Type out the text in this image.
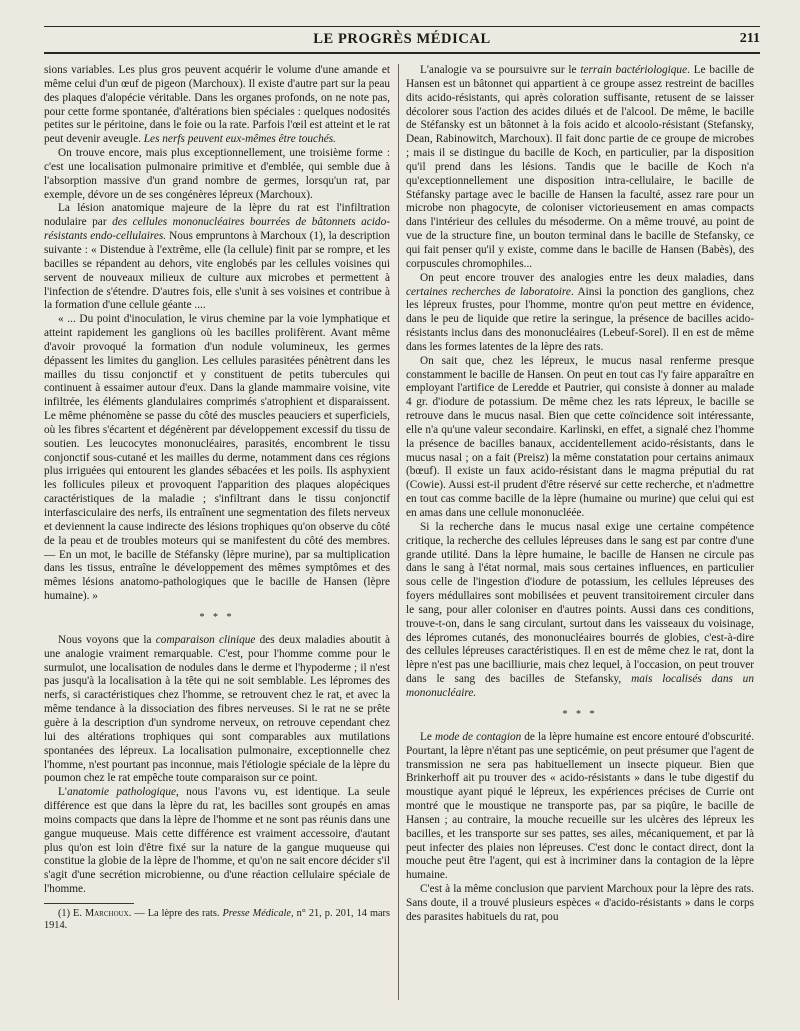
LE PROGRÈS MÉDICAL	211

sions variables. Les plus gros peuvent acquérir le volume d'une amande et même celui d'un œuf de pigeon (Marchoux). Il existe d'autre part sur la peau des plaques d'alopécie véritable. Dans les organes profonds, on ne note pas, pour cette forme spontanée, d'altérations bien spéciales : quelques nodosités petites sur le péritoine, dans le foie ou la rate. Parfois l'œil est atteint et le rat peut devenir aveugle. Les nerfs peuvent eux-mêmes être touchés.

On trouve encore, mais plus exceptionnellement, une troisième forme : c'est une localisation pulmonaire primitive et d'emblée, qui semble due à l'absorption massive d'un grand nombre de germes, lorsqu'un rat, par exemple, dévore un de ses congénères lépreux (Marchoux).

La lésion anatomique majeure de la lèpre du rat est l'infiltration nodulaire par des cellules mononucléaires bourrées de bâtonnets acido-résistants endo-cellulaires. Nous empruntons à Marchoux (1), la description suivante : « Distendue à l'extrême, elle (la cellule) finit par se rompre, et les bacilles se répandent au dehors, vite englobés par les cellules voisines qui servent de nouveaux milieux de culture aux microbes et permettent à l'infection de s'étendre. D'autres fois, elle s'unit à ses voisines et contribue à la formation d'une cellule géante ....

« ... Du point d'inoculation, le virus chemine par la voie lymphatique et atteint rapidement les ganglions où les bacilles prolifèrent. Avant même d'avoir provoqué la formation d'un nodule volumineux, les germes dépassent les limites du ganglion. Les cellules parasitées pénètrent dans les mailles du tissu conjonctif et y constituent de petits tubercules qui continuent à essaimer autour d'eux. Dans la glande mammaire voisine, vite infiltrée, les éléments glandulaires comprimés s'atrophient et disparaissent. Le même phénomène se passe du côté des muscles peauciers et superficiels, où les fibres s'écartent et dégénèrent par développement excessif du tissu de soutien. Les leucocytes mononucléaires, parasités, encombrent le tissu conjonctif sous-cutané et les mailles du derme, notamment dans ces régions plus irriguées qui entourent les glandes sébacées et les poils. Ils asphyxient les follicules pileux et provoquent l'apparition des plaques alopéciques caractéristiques de la maladie ; s'infiltrant dans le tissu conjonctif interfasciculaire des nerfs, ils entraînent une segmentation des filets nerveux et deviennent la cause indirecte des lésions trophiques qu'on observe du côté de la peau et de troubles moteurs qui se manifestent du côté des membres. — En un mot, le bacille de Stéfansky (lèpre murine), par sa multiplication dans les tissus, entraîne le développement des mêmes symptômes et des mêmes lésions anatomo-pathologiques que le bacille de Hansen (lèpre humaine). »

* * *

Nous voyons que la comparaison clinique des deux maladies aboutit à une analogie vraiment remarquable. C'est, pour l'homme comme pour le surmulot, une localisation de nodules dans le derme et l'hypoderme ; il n'est pas jusqu'à la localisation à la tête qui ne soit semblable. Les lépromes des nerfs, si caractéristiques chez l'homme, se retrouvent chez le rat, et avec la même tendance à la dissociation des fibres nerveuses. Si le rat ne se prête guère à la description d'un syndrome nerveux, on retrouve cependant chez lui des altérations trophiques qui sont comparables aux mutilations spontanées des lépreux. La localisation pulmonaire, exceptionnelle chez l'homme, n'est pourtant pas inconnue, mais l'étiologie spéciale de la lèpre du poumon chez le rat empêche toute comparaison sur ce point.

L'anatomie pathologique, nous l'avons vu, est identique. La seule différence est que dans la lèpre du rat, les bacilles sont groupés en amas moins compacts que dans la lèpre de l'homme et ne sont pas réunis dans une gangue muqueuse. Mais cette différence est vraiment accessoire, d'autant plus qu'on est loin d'être fixé sur la nature de la gangue muqueuse qui constitue la globie de la lèpre de l'homme, et qu'on ne sait encore décider s'il s'agit d'une secrétion microbienne, ou d'une réaction cellulaire spéciale de l'homme.

(1) E. Marchoux. — La lèpre des rats. Presse Médicale, n° 21, p. 201, 14 mars 1914.

L'analogie va se poursuivre sur le terrain bactériologique. Le bacille de Hansen est un bâtonnet qui appartient à ce groupe assez restreint de bacilles dits acido-résistants, qui après coloration suffisante, retusent de se laisser décolorer sous l'action des acides dilués et de l'alcool. De même, le bacille de Stéfansky est un bâtonnet à la fois acido et alcoolo-résistant (Stefansky, Dean, Rabinowitch, Marchoux). Il fait donc partie de ce groupe de microbes ; mais il se distingue du bacille de Koch, en particulier, par la disposition qu'il prend dans les lésions. Tandis que le bacille de Koch n'a qu'exceptionnellement une disposition intra-cellulaire, le bacille de Stéfansky partage avec le bacille de Hansen la faculté, assez rare pour un microbe non phagocyte, de coloniser victorieusement en amas compacts dans l'intérieur des cellules du mésoderme. On a même trouvé, au point de vue de la structure fine, un bouton terminal dans le bacille de Stefansky, ce qui fait penser qu'il y existe, comme dans le bacille de Hansen (Babès), des corpuscules chromophiles...

On peut encore trouver des analogies entre les deux maladies, dans certaines recherches de laboratoire. Ainsi la ponction des ganglions, chez les lépreux frustes, pour l'homme, montre qu'on peut mettre en évidence, dans le peu de liquide que retire la seringue, la présence de bacilles acido-résistants inclus dans des mononucléaires (Lebeuf-Sorel). Il en est de même dans les formes latentes de la lèpre des rats.

On sait que, chez les lépreux, le mucus nasal renferme presque constamment le bacille de Hansen. On peut en tout cas l'y faire apparaître en employant l'artifice de Leredde et Pautrier, qui consiste à donner au malade 4 gr. d'iodure de potassium. De même chez les rats lépreux, le bacille se retrouve dans le mucus nasal. Bien que cette coïncidence soit intéressante, elle n'a qu'une valeur secondaire. Karlinski, en effet, a signalé chez l'homme la présence de bacilles banaux, accidentellement acido-résistants, dans le mucus nasal ; on a fait (Preisz) la même constatation pour certains animaux (bœuf). Il existe un faux acido-résistant dans le magma préputial du rat (Cowie). Aussi est-il prudent d'être réservé sur cette recherche, et n'admettre en tout cas comme bacille de la lèpre (humaine ou murine) que celui qui est en amas dans une cellule mononucléée.

Si la recherche dans le mucus nasal exige une certaine compétence critique, la recherche des cellules lépreuses dans le sang est par contre d'une grande utilité. Dans la lèpre humaine, le bacille de Hansen ne circule pas dans le sang à l'état normal, mais sous certaines influences, en particulier sous celle de l'ingestion d'iodure de potassium, les cellules lépreuses des foyers médullaires sont mobilisées et peuvent transitoirement circuler dans le sang, pour aller coloniser en d'autres points. Aussi dans ces conditions, trouve-t-on, dans le sang circulant, surtout dans les vaisseaux du voisinage, des lépromes cutanés, des mononucléaires bourrés de globies, c'est-à-dire des cellules lépreuses caractéristiques. Il en est de même chez le rat, dont la lèpre n'est pas une bacilliurie, mais chez lequel, à l'occasion, on peut trouver dans le sang des bacilles de Stefansky, mais localisés dans un mononucléaire.

* * *

Le mode de contagion de la lèpre humaine est encore entouré d'obscurité. Pourtant, la lèpre n'étant pas une septicémie, on peut présumer que l'agent de transmission ne sera pas habituellement un insecte piqueur. Bien que Brinkerhoff ait pu trouver des « acido-résistants » dans le tube digestif du moustique ayant piqué le lépreux, les expériences précises de Currie ont montré que le moustique ne transporte pas, par sa piqûre, le bacille de Hansen ; au contraire, la mouche recueille sur les ulcères des lépreux les bacilles, et les transporte sur ses pattes, ses ailes, mécaniquement, et par là peut infecter des plaies non lépreuses. C'est donc le contact direct, dont la mouche peut être l'agent, qui est à incriminer dans la contagion de la lèpre humaine.

C'est à la même conclusion que parvient Marchoux pour la lèpre des rats. Sans doute, il a trouvé plusieurs espèces « d'acido-résistants » dans le corps des parasites habituels du rat, pou
